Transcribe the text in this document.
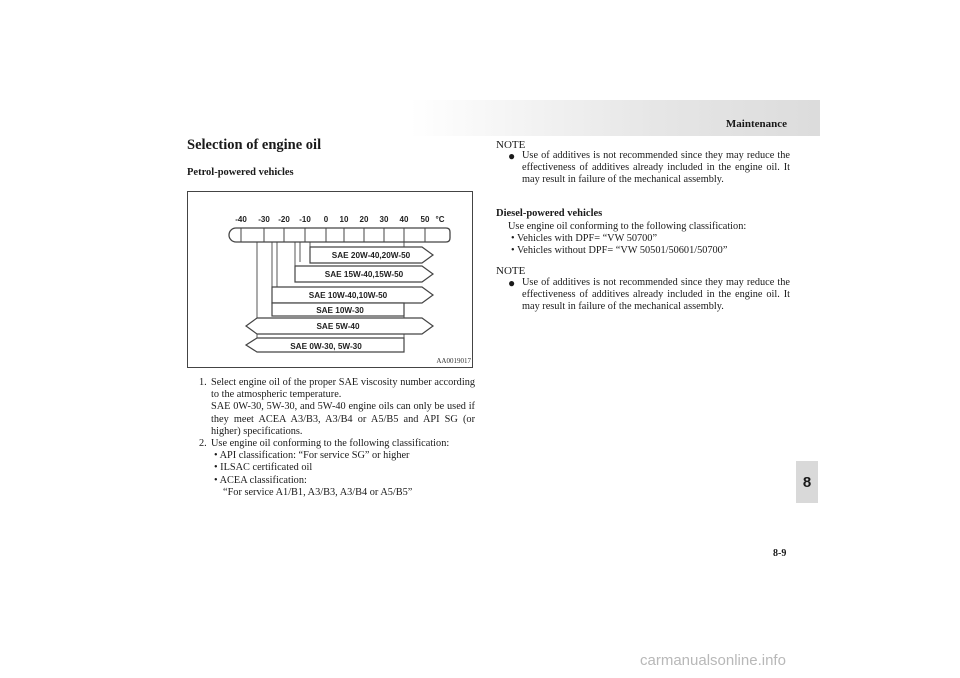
Maintenance
Selection of engine oil
Petrol-powered vehicles
-40 -30 -20 -10 0 10 20 30 40 50 °C
SAE 20W-40,20W-50
SAE 15W-40,15W-50
SAE 10W-40,10W-50
SAE 10W-30
SAE 5W-40
SAE 0W-30, 5W-30
AA0019017
1. Select engine oil of the proper SAE viscosity number according to the atmospheric temperature.
SAE 0W-30, 5W-30, and 5W-40 engine oils can only be used if they meet ACEA A3/B3, A3/B4 or A5/B5 and API SG (or higher) specifications.
2. Use engine oil conforming to the following classification:
• API classification: “For service SG” or higher
• ILSAC certificated oil
• ACEA classification:
“For service A1/B1, A3/B3, A3/B4 or A5/B5”
NOTE
● Use of additives is not recommended since they may reduce the effectiveness of additives already included in the engine oil. It may result in failure of the mechanical assembly.
Diesel-powered vehicles
Use engine oil conforming to the following classification:
• Vehicles with DPF= “VW 50700”
• Vehicles without DPF= “VW 50501/50601/50700”
NOTE
● Use of additives is not recommended since they may reduce the effectiveness of additives already included in the engine oil. It may result in failure of the mechanical assembly.
8
8-9
carmanualsonline.info
